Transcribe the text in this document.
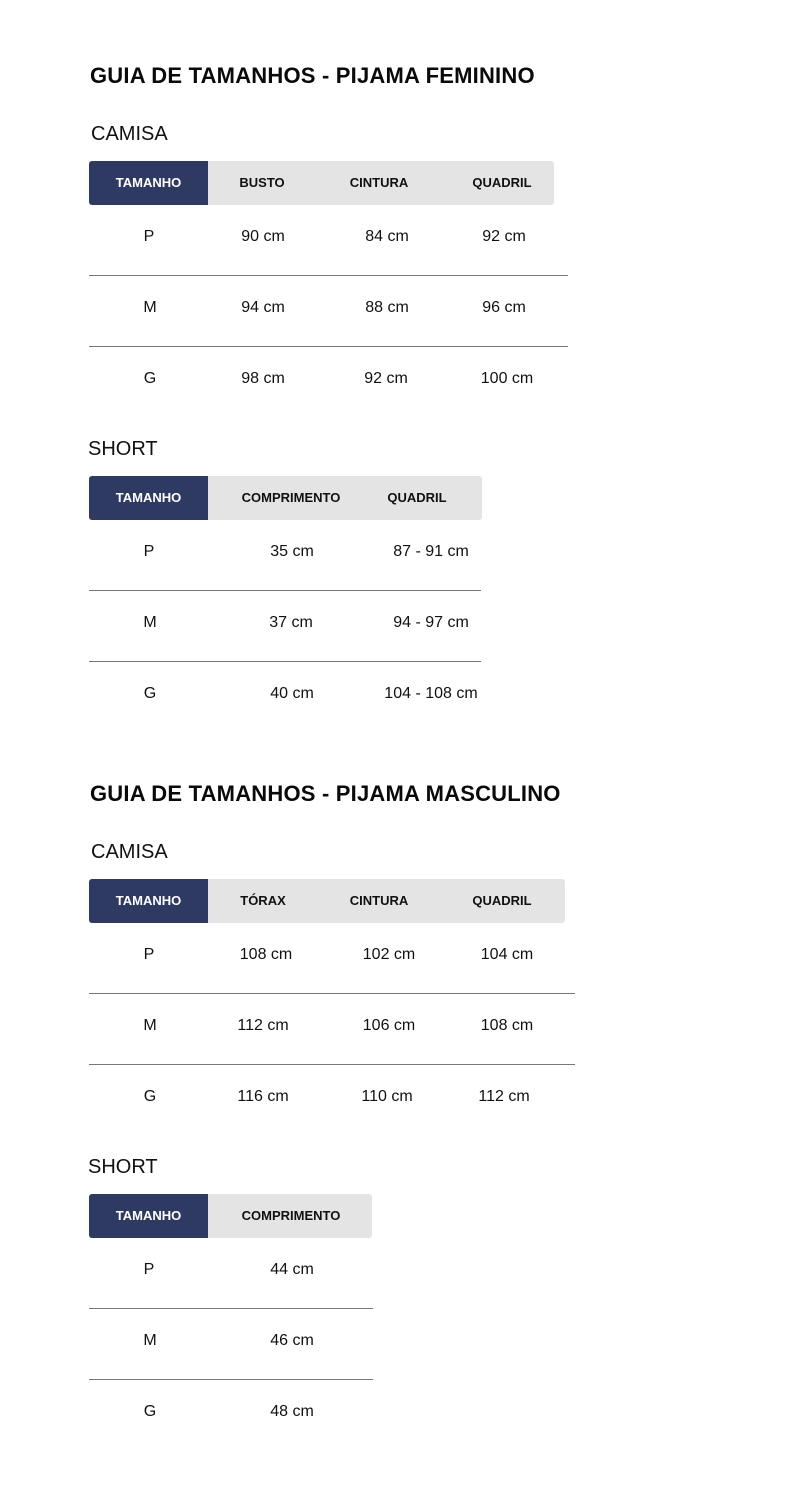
GUIA DE TAMANHOS - PIJAMA FEMININO
CAMISA
TAMANHO	BUSTO	CINTURA	QUADRIL
P	90 cm	84 cm	92 cm
M	94 cm	88 cm	96 cm
G	98 cm	92 cm	100 cm
SHORT
TAMANHO	COMPRIMENTO	QUADRIL
P	35 cm	87 - 91 cm
M	37 cm	94 - 97 cm
G	40 cm	104 - 108 cm
GUIA DE TAMANHOS - PIJAMA MASCULINO
CAMISA
TAMANHO	TÓRAX	CINTURA	QUADRIL
P	108 cm	102 cm	104 cm
M	112 cm	106 cm	108 cm
G	116 cm	110 cm	112 cm
SHORT
TAMANHO	COMPRIMENTO
P	44 cm
M	46 cm
G	48 cm
